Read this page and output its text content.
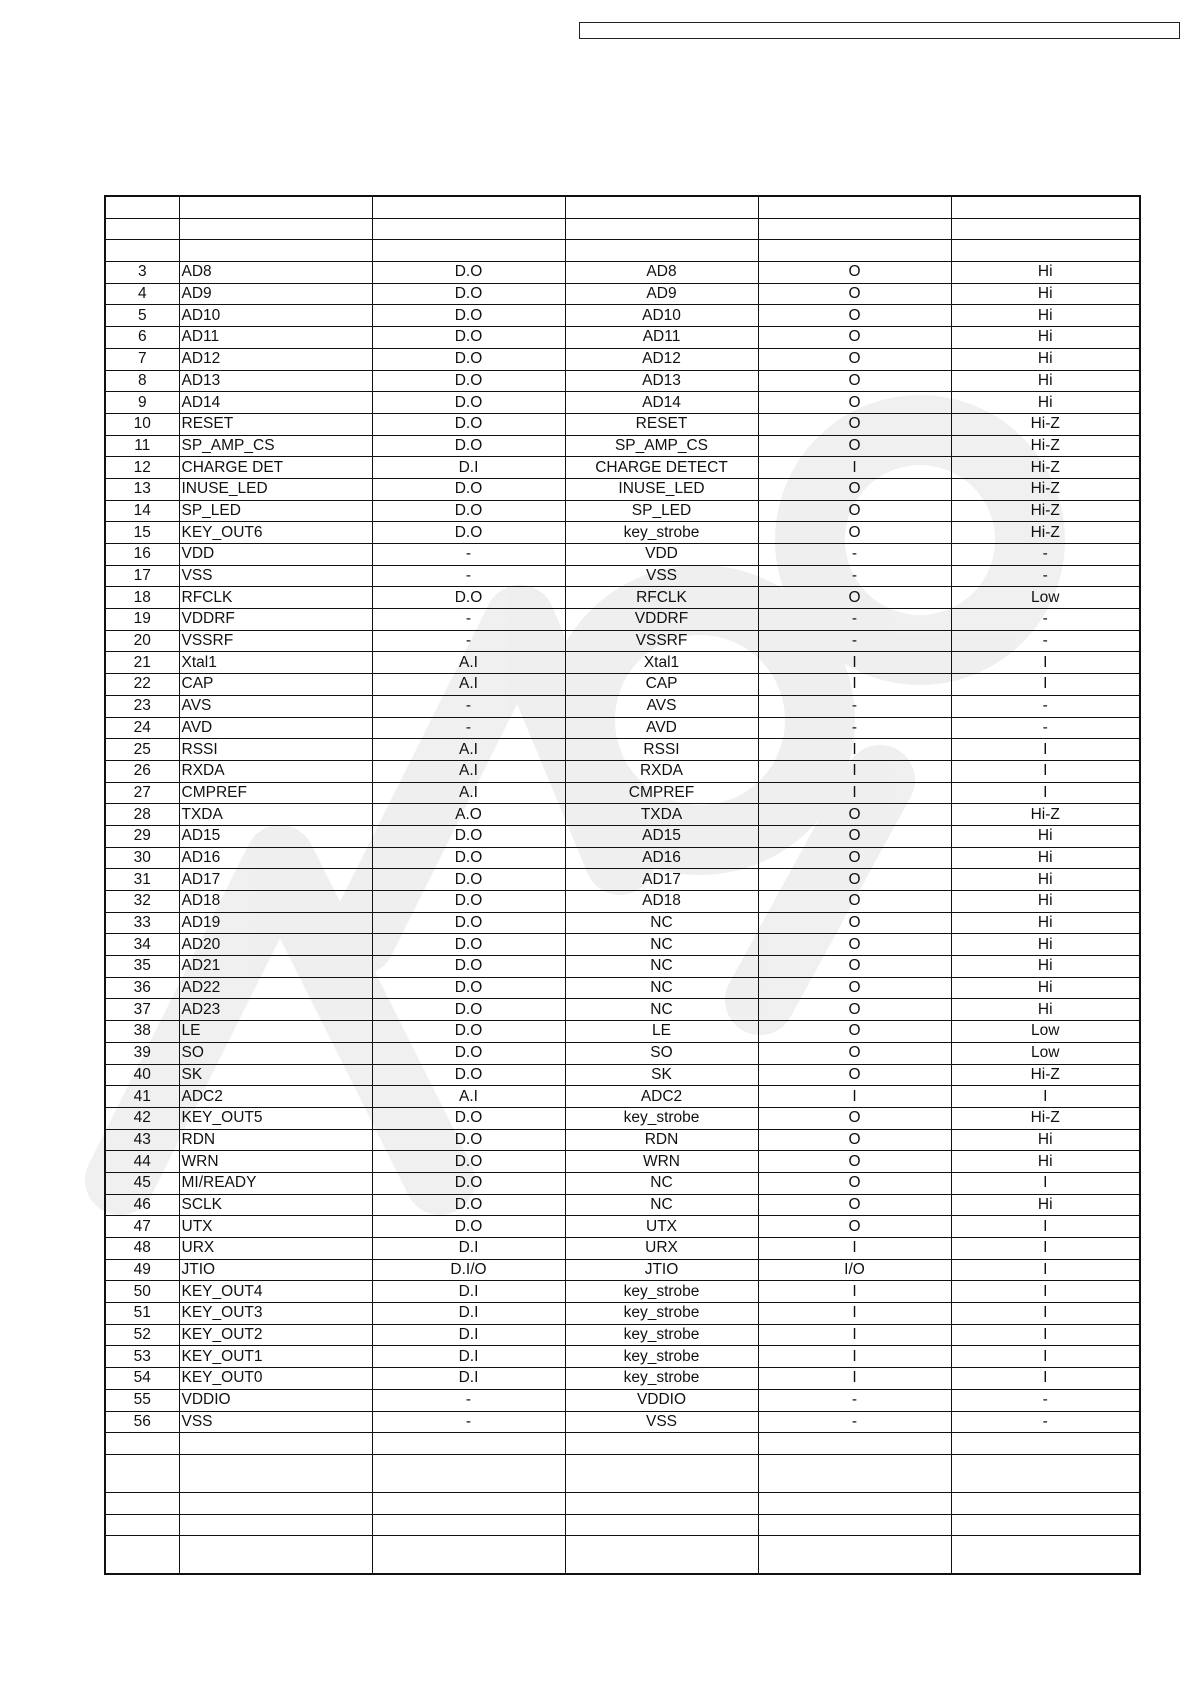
3	AD8	D.O	AD8	O	Hi
4	AD9	D.O	AD9	O	Hi
5	AD10	D.O	AD10	O	Hi
6	AD11	D.O	AD11	O	Hi
7	AD12	D.O	AD12	O	Hi
8	AD13	D.O	AD13	O	Hi
9	AD14	D.O	AD14	O	Hi
10	RESET	D.O	RESET	O	Hi-Z
11	SP_AMP_CS	D.O	SP_AMP_CS	O	Hi-Z
12	CHARGE DET	D.I	CHARGE DETECT	I	Hi-Z
13	INUSE_LED	D.O	INUSE_LED	O	Hi-Z
14	SP_LED	D.O	SP_LED	O	Hi-Z
15	KEY_OUT6	D.O	key_strobe	O	Hi-Z
16	VDD	-	VDD	-	-
17	VSS	-	VSS	-	-
18	RFCLK	D.O	RFCLK	O	Low
19	VDDRF	-	VDDRF	-	-
20	VSSRF	-	VSSRF	-	-
21	Xtal1	A.I	Xtal1	I	I
22	CAP	A.I	CAP	I	I
23	AVS	-	AVS	-	-
24	AVD	-	AVD	-	-
25	RSSI	A.I	RSSI	I	I
26	RXDA	A.I	RXDA	I	I
27	CMPREF	A.I	CMPREF	I	I
28	TXDA	A.O	TXDA	O	Hi-Z
29	AD15	D.O	AD15	O	Hi
30	AD16	D.O	AD16	O	Hi
31	AD17	D.O	AD17	O	Hi
32	AD18	D.O	AD18	O	Hi
33	AD19	D.O	NC	O	Hi
34	AD20	D.O	NC	O	Hi
35	AD21	D.O	NC	O	Hi
36	AD22	D.O	NC	O	Hi
37	AD23	D.O	NC	O	Hi
38	LE	D.O	LE	O	Low
39	SO	D.O	SO	O	Low
40	SK	D.O	SK	O	Hi-Z
41	ADC2	A.I	ADC2	I	I
42	KEY_OUT5	D.O	key_strobe	O	Hi-Z
43	RDN	D.O	RDN	O	Hi
44	WRN	D.O	WRN	O	Hi
45	MI/READY	D.O	NC	O	I
46	SCLK	D.O	NC	O	Hi
47	UTX	D.O	UTX	O	I
48	URX	D.I	URX	I	I
49	JTIO	D.I/O	JTIO	I/O	I
50	KEY_OUT4	D.I	key_strobe	I	I
51	KEY_OUT3	D.I	key_strobe	I	I
52	KEY_OUT2	D.I	key_strobe	I	I
53	KEY_OUT1	D.I	key_strobe	I	I
54	KEY_OUT0	D.I	key_strobe	I	I
55	VDDIO	-	VDDIO	-	-
56	VSS	-	VSS	-	-
